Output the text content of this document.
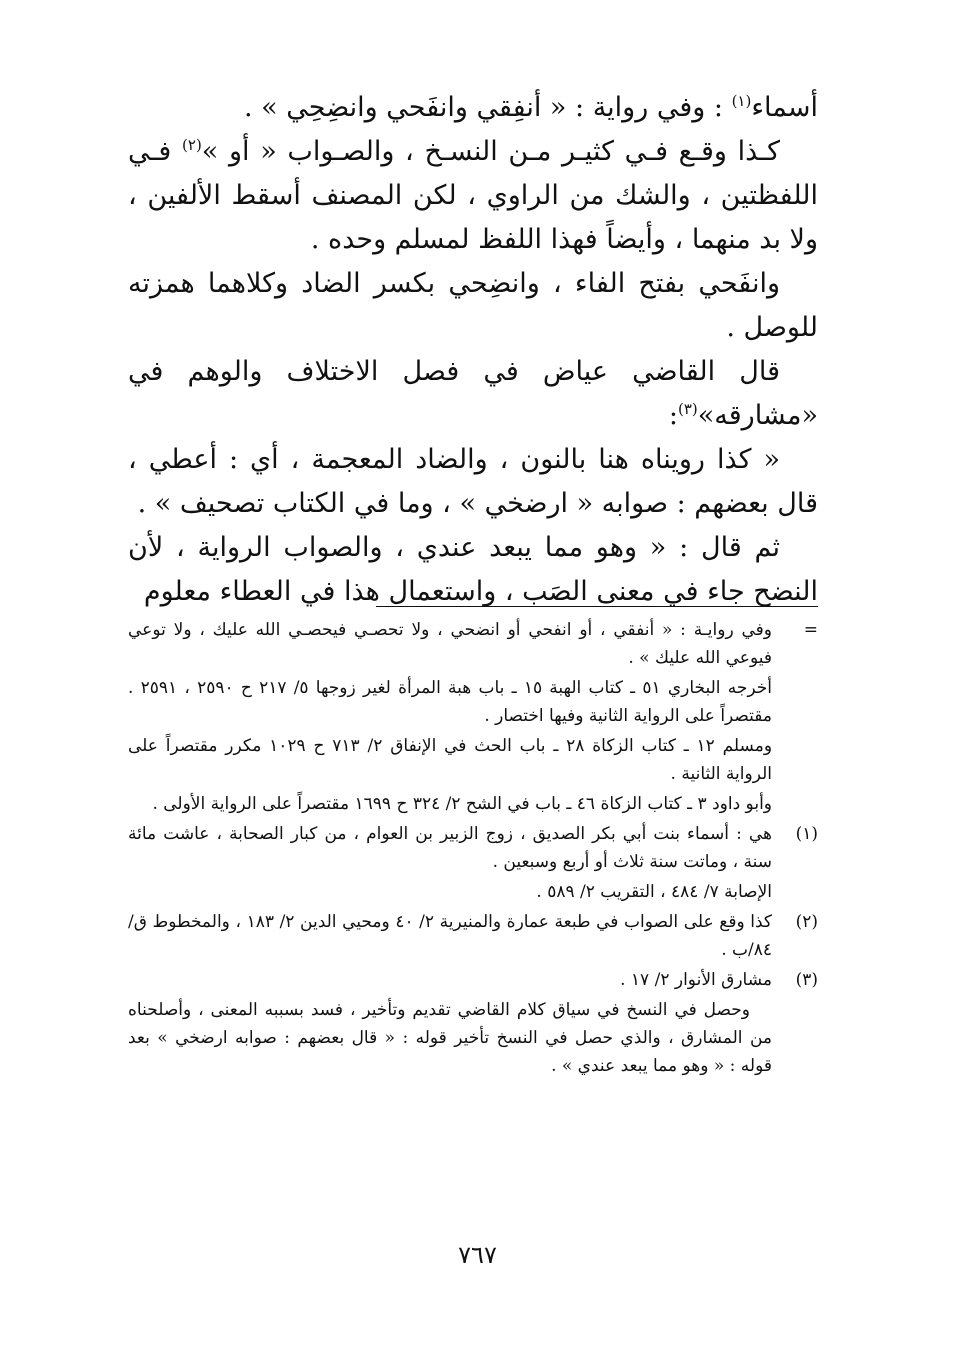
أسماء$^{(١)}$ : وفي رواية : « أنفِقي وانفَحي وانضِحِي » .

كـذا وقـع فـي كثيـر مـن النسـخ ، والصـواب « أو »$^{(٢)}$ فـي اللفظتين ، والشك من الراوي ، لكن المصنف أسقط الألفين ، ولا بد منهما ، وأيضاً فهذا اللفظ لمسلم وحده .

وانفَحي بفتح الفاء ، وانضِحي بكسر الضاد وكلاهما همزته للوصل .

قال القاضي عياض في فصل الاختلاف والوهم في «مشارقه»$^{(٣)}$:

« كذا رويناه هنا بالنون ، والضاد المعجمة ، أي : أعطي ، قال بعضهم : صوابه « ارضخي » ، وما في الكتاب تصحيف » .

ثم قال : « وهو مما يبعد عندي ، والصواب الرواية ، لأن النضح جاء في معنى الصَب ، واستعمال هذا في العطاء معلوم

=
وفي روايـة : « أنفقي ، أو انفحي أو انضحي ، ولا تحصـي فيحصـي الله عليك ، ولا توعي فيوعي الله عليك » .
أخرجه البخاري ٥١ ـ كتاب الهبة ١٥ ـ باب هبة المرأة لغير زوجها ٥/ ٢١٧ ح ٢٥٩٠ ، ٢٥٩١ . مقتصراً على الرواية الثانية وفيها اختصار .
ومسلم ١٢ ـ كتاب الزكاة ٢٨ ـ باب الحث في الإنفاق ٢/ ٧١٣ ح ١٠٢٩ مكرر مقتصراً على الرواية الثانية .
وأبو داود ٣ ـ كتاب الزكاة ٤٦ ـ باب في الشح ٢/ ٣٢٤ ح ١٦٩٩ مقتصراً على الرواية الأولى .
(١)
هي : أسماء بنت أبي بكر الصديق ، زوج الزبير بن العوام ، من كبار الصحابة ، عاشت مائة سنة ، وماتت سنة ثلاث أو أربع وسبعين .
الإصابة ٧/ ٤٨٤ ، التقريب ٢/ ٥٨٩ .
(٢)
كذا وقع على الصواب في طبعة عمارة والمنيرية ٢/ ٤٠ ومحيي الدين ٢/ ١٨٣ ، والمخطوط ق/ ٨٤/ب .
(٣)
مشارق الأنوار ٢/ ١٧ .
وحصل في النسخ في سياق كلام القاضي تقديم وتأخير ، فسد بسببه المعنى ، وأصلحناه من المشارق ، والذي حصل في النسخ تأخير قوله : « قال بعضهم : صوابه ارضخي » بعد قوله : « وهو مما يبعد عندي » .
٧٦٧
